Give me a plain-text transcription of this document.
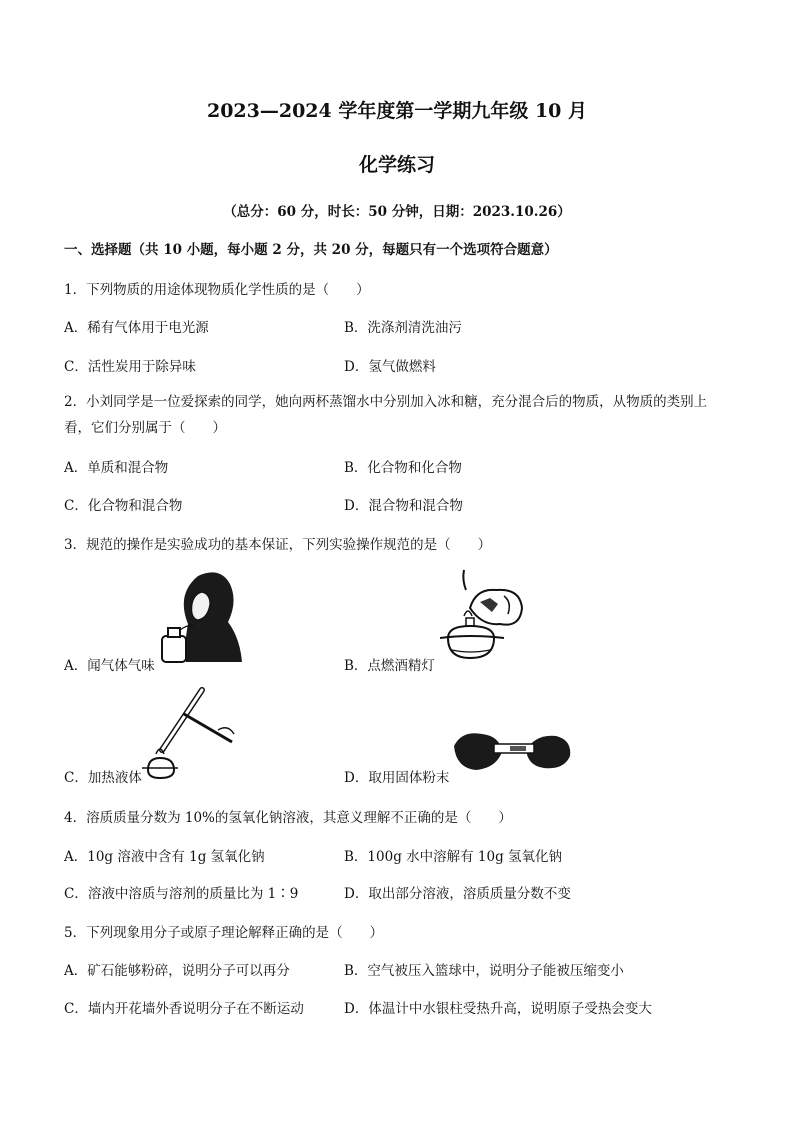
2023—2024 学年度第一学期九年级 10 月
化学练习
（总分：60 分，时长：50 分钟，日期：2023.10.26）
一、选择题（共 10 小题，每小题 2 分，共 20 分，每题只有一个选项符合题意）
1．下列物质的用途体现物质化学性质的是（　　）
A．稀有气体用于电光源	B．洗涤剂清洗油污
C．活性炭用于除异味	D．氢气做燃料
2．小刘同学是一位爱探索的同学，她向两杯蒸馏水中分别加入冰和糖，充分混合后的物质，从物质的类别上看，它们分别属于（　　）
A．单质和混合物	B．化合物和化合物
C．化合物和混合物	D．混合物和混合物
3．规范的操作是实验成功的基本保证，下列实验操作规范的是（　　）
A．闻气体气味	B．点燃酒精灯
C．加热液体	D．取用固体粉末
4．溶质质量分数为 10%的氢氧化钠溶液，其意义理解不正确的是（　　）
A．10g 溶液中含有 1g 氢氧化钠	B．100g 水中溶解有 10g 氢氧化钠
C．溶液中溶质与溶剂的质量比为 1∶9	D．取出部分溶液，溶质质量分数不变
5．下列现象用分子或原子理论解释正确的是（　　）
A．矿石能够粉碎，说明分子可以再分	B．空气被压入篮球中，说明分子能被压缩变小
C．墙内开花墙外香说明分子在不断运动	D．体温计中水银柱受热升高，说明原子受热会变大
